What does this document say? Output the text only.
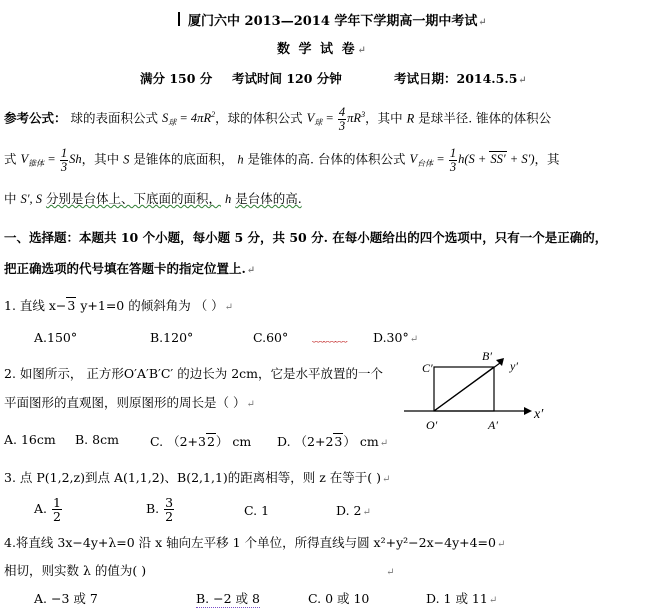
厦门六中 2013—2014 学年下学期高一期中考试↵
数 学 试 卷↵
满分 150 分 考试时间 120 分钟	考试日期：2014.5.5↵
参考公式： 球的表面积公式 $S_球 = 4\pi R^2$，球的体积公式 $V_球 = \frac{4}{3} \pi R^3$，其中 R 是球半径. 锥体的体积公
式 $V_{锥体} = \frac{1}{3}$ Sh，其中 S 是锥体的底面积， h 是锥体的高. 台体的体积公式 $V_{台体} = \frac{1}{3} h(S + SS' + S')$，其
中 S′, S 分别是台体上、下底面的面积， h 是台体的高.
一、选择题：本题共 10 个小题，每小题 5 分，共 50 分. 在每小题给出的四个选项中，只有一个是正确的，
把正确选项的代号填在答题卡的指定位置上.↵
1. 直线 x−3 y+1=0 的倾斜角为 （ ）↵
A.150°	B.120°	C.60° ﹏﹏﹏ D.30°↵
2. 如图所示， 正方形O′A′B′C′ 的边长为 2cm，它是水平放置的一个
平面图形的直观图，则原图形的周长是（ ）↵
A. 16cm B. 8cm C. （2+32） cm D. （2+23） cm↵
B′
C′
O′	A′
x′
y′
3. 点 P(1,2,z)到点 A(1,1,2)、B(2,1,1)的距离相等，则 z 在等于( )↵
A. $\frac{1}{2}$	B. $\frac{3}{2}$	C. 1	D. 2↵
4.将直线 3x−4y+λ=0 沿 x 轴向左平移 1 个单位，所得直线与圆 x²+y²−2x−4y+4=0↵
相切，则实数 λ 的值为( )	↵
A. −3 或 7	B. −2 或 8	C. 0 或 10	D. 1 或 11↵
